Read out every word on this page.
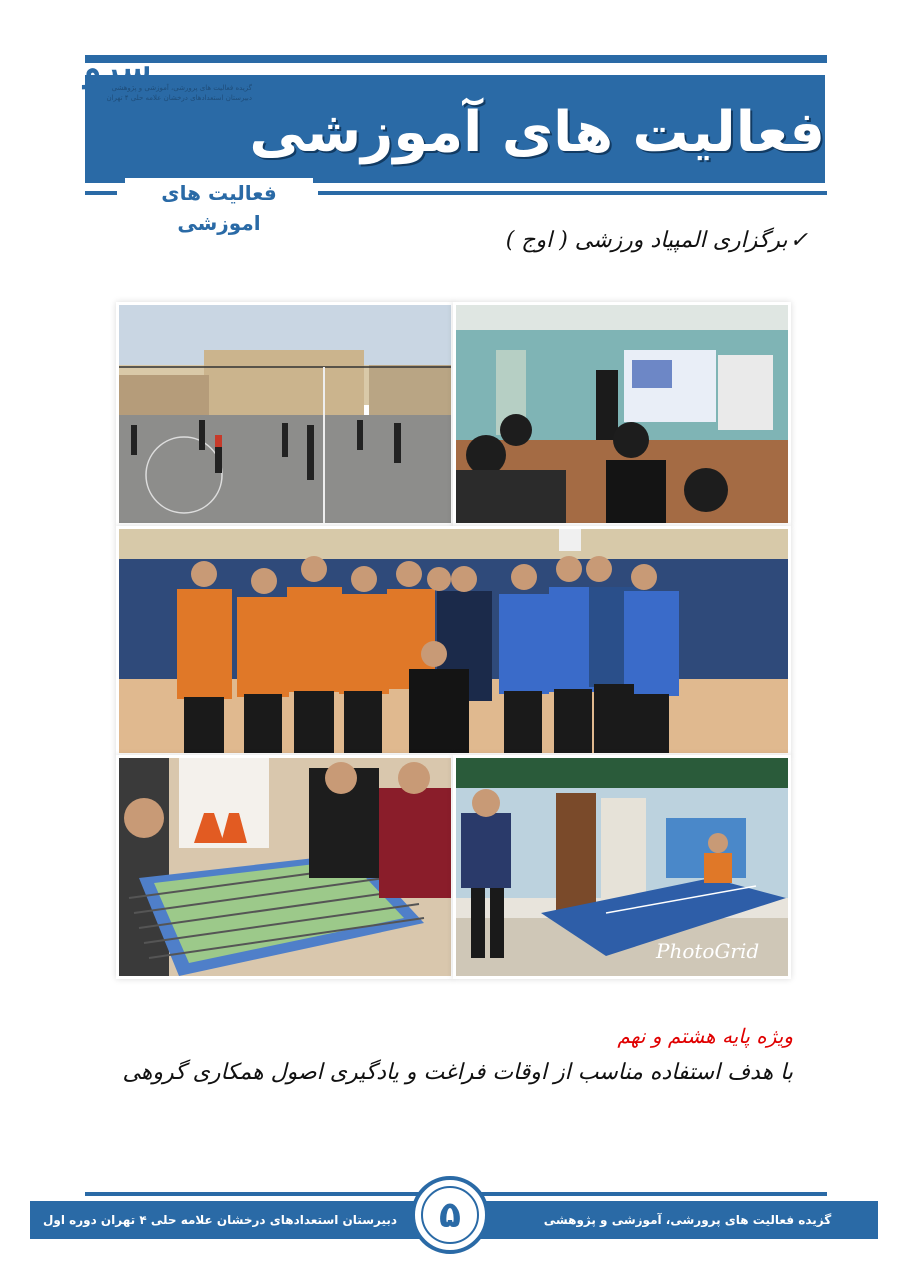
سرو
گزیده فعالیت های پرورشی، آموزشی و پژوهشی
دبیرستان استعدادهای درخشان علامه حلی ۴ تهران
فعالیت های آموزشی
فعالیت های اموزشی
✓برگزاری المپیاد ورزشی ( اوج )
PhotoGrid
ویژه پایه هشتم و نهم
با هدف استفاده مناسب از اوقات فراغت و یادگیری اصول همکاری گروهی
دبیرستان استعدادهای درخشان علامه حلی ۴ تهران دوره اول	گزیده فعالیت های پرورشی، آموزشی و پژوهشی
۵
